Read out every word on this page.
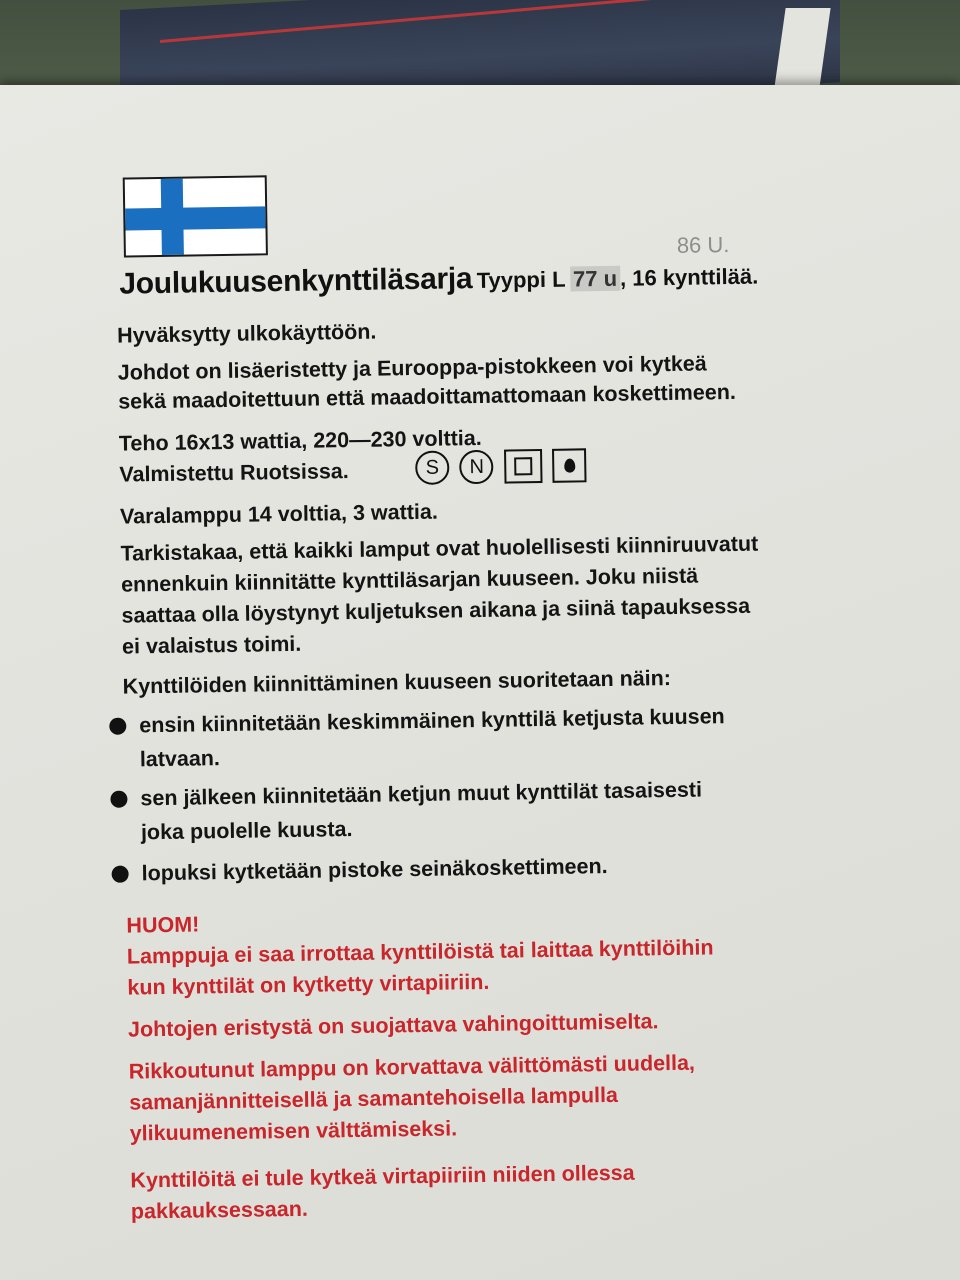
86 U.
Joulukuusenkynttiläsarja Tyyppi L 77 u , 16 kynttilää.
Hyväksytty ulkokäyttöön.
Johdot on lisäeristetty ja Eurooppa-pistokkeen voi kytkeä
sekä maadoitettuun että maadoittamattomaan koskettimeen.
Teho 16x13 wattia, 220—230 volttia.
Valmistettu Ruotsissa.	S N
Varalamppu 14 volttia, 3 wattia.
Tarkistakaa, että kaikki lamput ovat huolellisesti kiinniruuvatut
ennenkuin kiinnitätte kynttiläsarjan kuuseen. Joku niistä
saattaa olla löystynyt kuljetuksen aikana ja siinä tapauksessa
ei valaistus toimi.
Kynttilöiden kiinnittäminen kuuseen suoritetaan näin:
ensin kiinnitetään keskimmäinen kynttilä ketjusta kuusen
latvaan.
sen jälkeen kiinnitetään ketjun muut kynttilät tasaisesti
joka puolelle kuusta.
lopuksi kytketään pistoke seinäkoskettimeen.
HUOM!
Lamppuja ei saa irrottaa kynttilöistä tai laittaa kynttilöihin
kun kynttilät on kytketty virtapiiriin.
Johtojen eristystä on suojattava vahingoittumiselta.
Rikkoutunut lamppu on korvattava välittömästi uudella,
samanjännitteisellä ja samantehoisella lampulla
ylikuumenemisen välttämiseksi.
Kynttilöitä ei tule kytkeä virtapiiriin niiden ollessa
pakkauksessaan.
